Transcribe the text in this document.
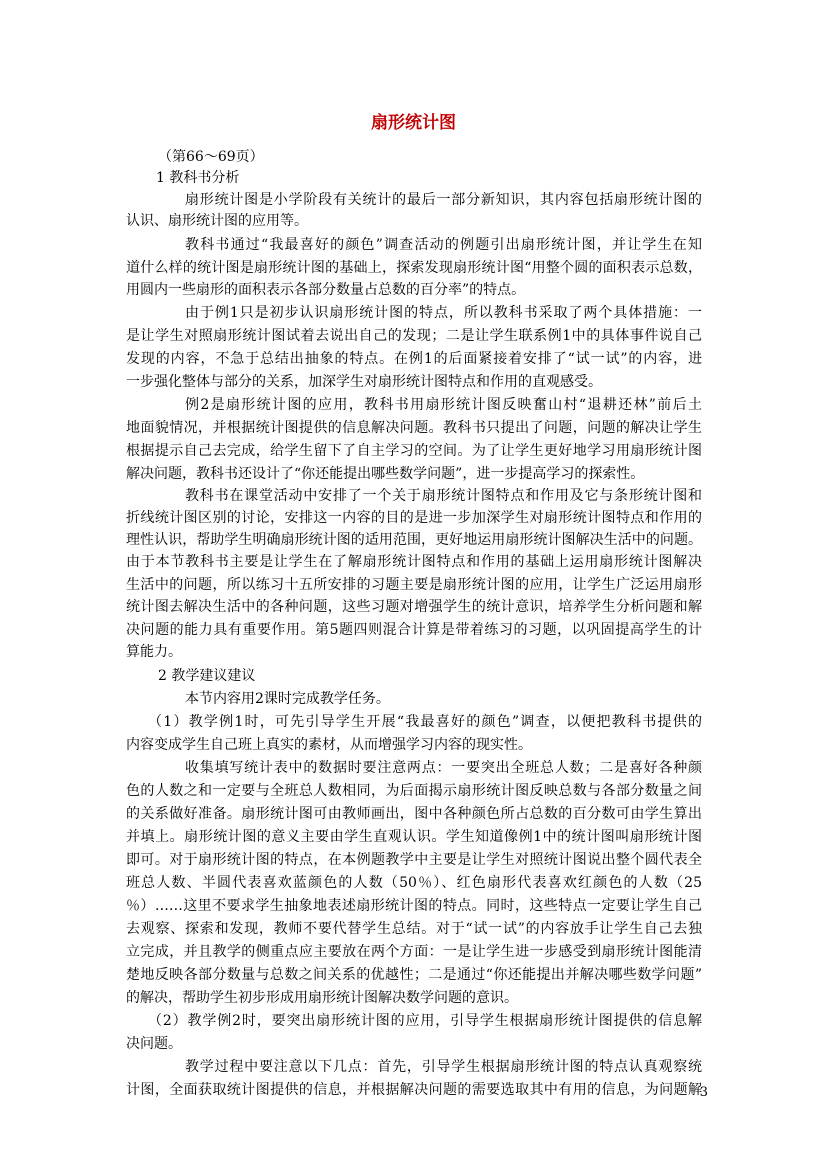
扇形统计图
（第66～69页）
1 教科书分析
扇形统计图是小学阶段有关统计的最后一部分新知识，其内容包括扇形统计图的
认识、扇形统计图的应用等。
教科书通过“我最喜好的颜色”调查活动的例题引出扇形统计图，并让学生在知
道什么样的统计图是扇形统计图的基础上，探索发现扇形统计图“用整个圆的面积表示总数，
用圆内一些扇形的面积表示各部分数量占总数的百分率”的特点。
由于例1只是初步认识扇形统计图的特点，所以教科书采取了两个具体措施：一
是让学生对照扇形统计图试着去说出自己的发现；二是让学生联系例1中的具体事件说自己
发现的内容，不急于总结出抽象的特点。在例1的后面紧接着安排了“试一试”的内容，进
一步强化整体与部分的关系，加深学生对扇形统计图特点和作用的直观感受。
例2是扇形统计图的应用，教科书用扇形统计图反映奮山村“退耕还林”前后土
地面貌情况，并根据统计图提供的信息解决问题。教科书只提出了问题，问题的解决让学生
根据提示自己去完成，给学生留下了自主学习的空间。为了让学生更好地学习用扇形统计图
解决问题，教科书还设计了“你还能提出哪些数学问题”，进一步提高学习的探索性。
教科书在课堂活动中安排了一个关于扇形统计图特点和作用及它与条形统计图和
折线统计图区别的讨论，安排这一内容的目的是进一步加深学生对扇形统计图特点和作用的
理性认识，帮助学生明确扇形统计图的适用范围，更好地运用扇形统计图解决生活中的问题。
由于本节教科书主要是让学生在了解扇形统计图特点和作用的基础上运用扇形统计图解决
生活中的问题，所以练习十五所安排的习题主要是扇形统计图的应用，让学生广泛运用扇形
统计图去解决生活中的各种问题，这些习题对增强学生的统计意识，培养学生分析问题和解
决问题的能力具有重要作用。第5题四则混合计算是带着练习的习题，以巩固提高学生的计
算能力。
2 教学建议建议
本节内容用2课时完成教学任务。
（1）教学例1时，可先引导学生开展“我最喜好的颜色”调查，以便把教科书提供的
内容变成学生自己班上真实的素材，从而增强学习内容的现实性。
收集填写统计表中的数据时要注意两点：一要突出全班总人数；二是喜好各种颜
色的人数之和一定要与全班总人数相同，为后面揭示扇形统计图反映总数与各部分数量之间
的关系做好准备。扇形统计图可由教师画出，图中各种颜色所占总数的百分数可由学生算出
并填上。扇形统计图的意义主要由学生直观认识。学生知道像例1中的统计图叫扇形统计图
即可。对于扇形统计图的特点，在本例题教学中主要是让学生对照统计图说出整个圆代表全
班总人数、半圆代表喜欢蓝颜色的人数（50％）、红色扇形代表喜欢红颜色的人数（25
％）……这里不要求学生抽象地表述扇形统计图的特点。同时，这些特点一定要让学生自己
去观察、探索和发现，教师不要代替学生总结。对于“试一试”的内容放手让学生自己去独
立完成，并且教学的侧重点应主要放在两个方面：一是让学生进一步感受到扇形统计图能清
楚地反映各部分数量与总数之间关系的优越性；二是通过“你还能提出并解决哪些数学问题”
的解决，帮助学生初步形成用扇形统计图解决数学问题的意识。
（2）教学例2时，要突出扇形统计图的应用，引导学生根据扇形统计图提供的信息解
决问题。
教学过程中要注意以下几点：首先，引导学生根据扇形统计图的特点认真观察统
计图，全面获取统计图提供的信息，并根据解决问题的需要选取其中有用的信息，为问题解
3
